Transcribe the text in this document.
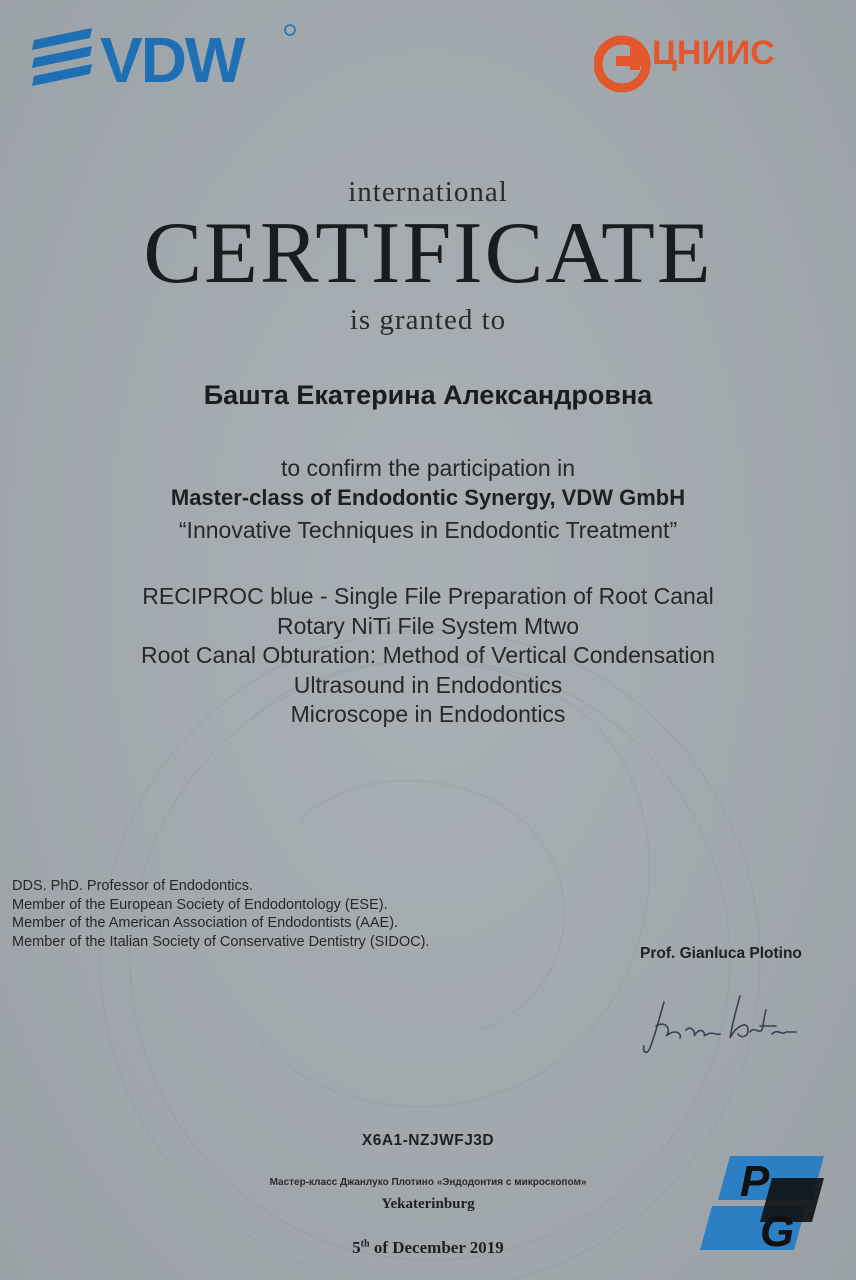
VDW	ЦНИИС
international
CERTIFICATE
is granted to
Башта Екатерина Александровна
to confirm the participation in
Master-class of Endodontic Synergy, VDW GmbH
“Innovative Techniques in Endodontic Treatment”
RECIPROC blue - Single File Preparation of Root Canal
Rotary NiTi File System Mtwo
Root Canal Obturation: Method of Vertical Condensation
Ultrasound in Endodontics
Microscope in Endodontics
DDS. PhD. Professor of Endodontics.
Member of the European Society of Endodontology (ESE).
Member of the American Association of Endodontists (AAE).
Member of the Italian Society of Conservative Dentistry (SIDOC).
Prof. Gianluca Plotino
X6A1-NZJWFJ3D
Мастер-класс Джанлуко Плотино «Эндодонтия с микроскопом»
Yekaterinburg
5th of December 2019
P
G
